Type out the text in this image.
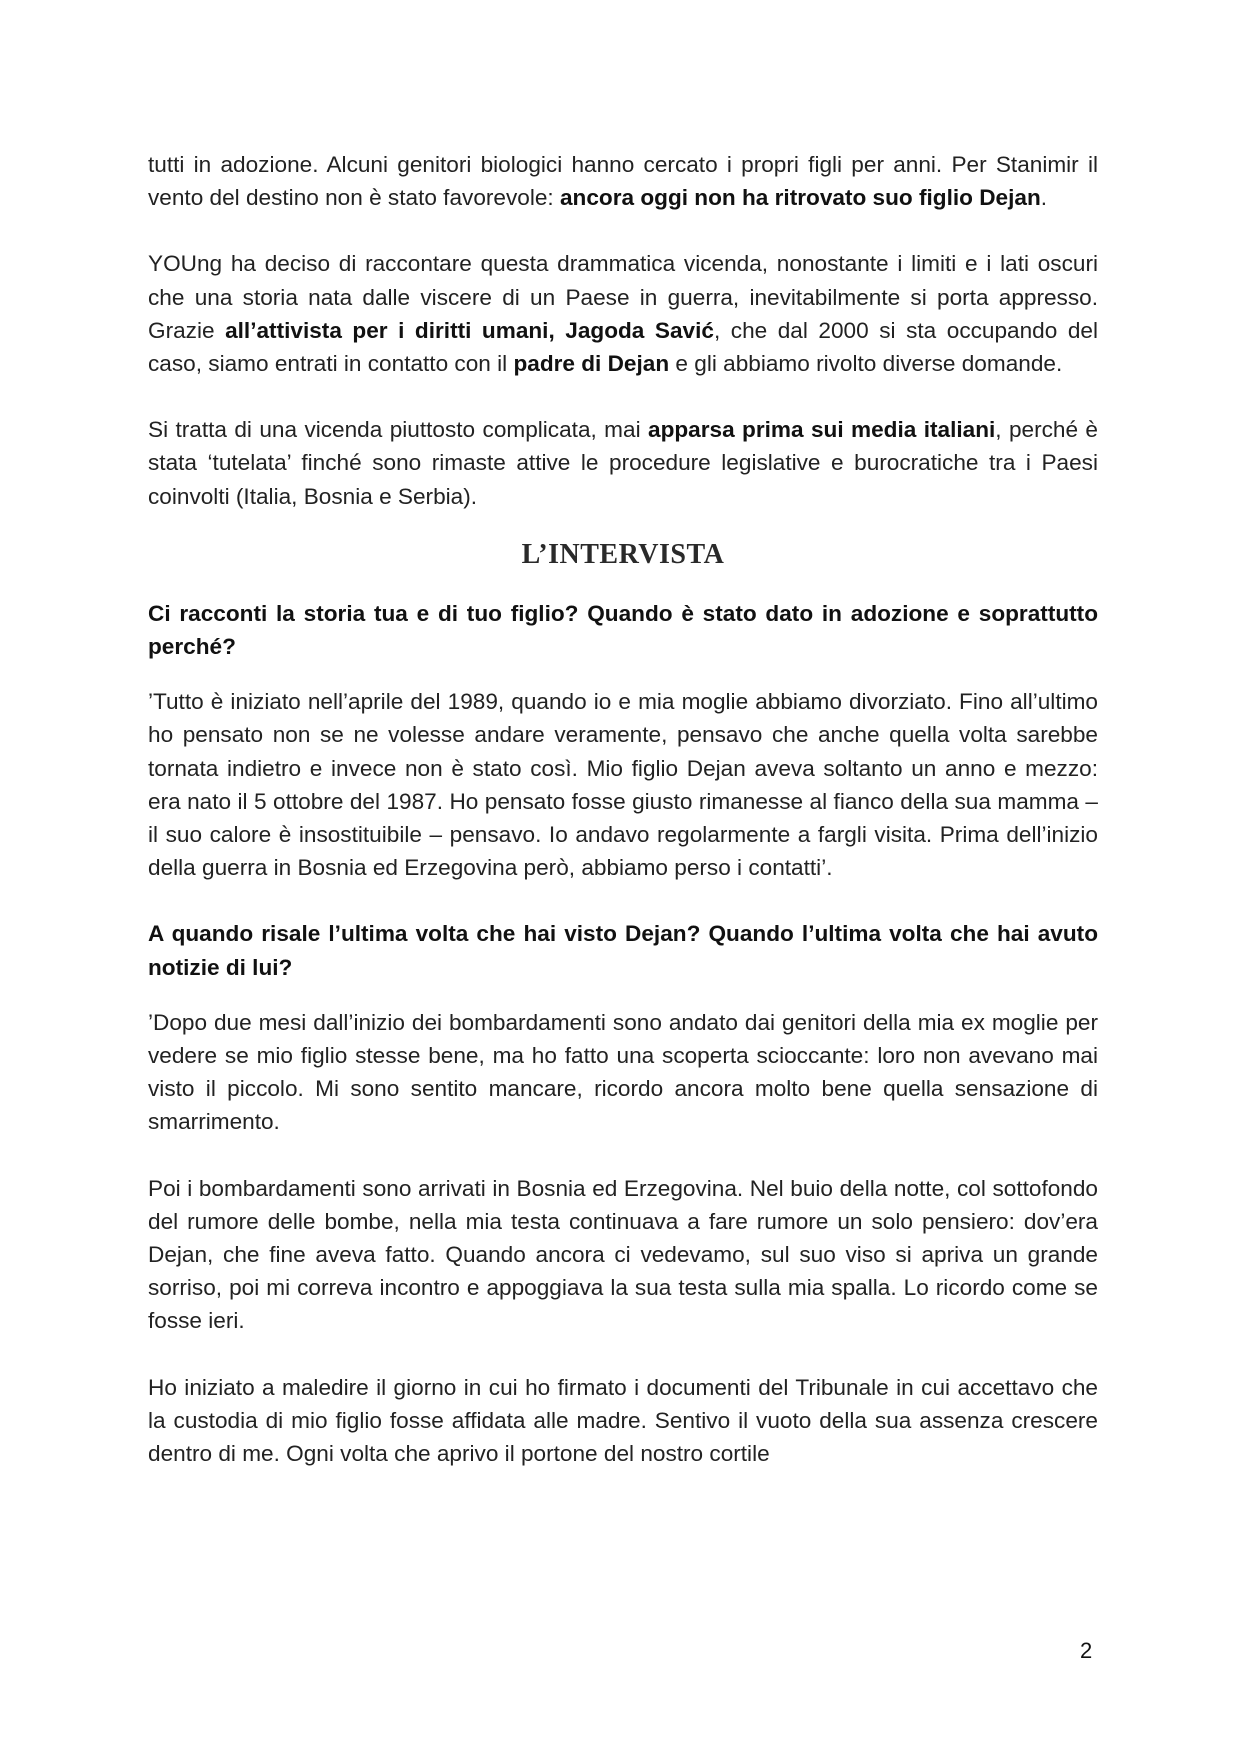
tutti in adozione. Alcuni genitori biologici hanno cercato i propri figli per anni. Per Stanimir il vento del destino non è stato favorevole: ancora oggi non ha ritrovato suo figlio Dejan.

YOUng ha deciso di raccontare questa drammatica vicenda, nonostante i limiti e i lati oscuri che una storia nata dalle viscere di un Paese in guerra, inevitabilmente si porta appresso. Grazie all’attivista per i diritti umani, Jagoda Savić, che dal 2000 si sta occupando del caso, siamo entrati in contatto con il padre di Dejan e gli abbiamo rivolto diverse domande.

Si tratta di una vicenda piuttosto complicata, mai apparsa prima sui media italiani, perché è stata ‘tutelata’ finché sono rimaste attive le procedure legislative e burocratiche tra i Paesi coinvolti (Italia, Bosnia e Serbia).

L’INTERVISTA

Ci racconti la storia tua e di tuo figlio? Quando è stato dato in adozione e soprattutto perché?

’Tutto è iniziato nell’aprile del 1989, quando io e mia moglie abbiamo divorziato. Fino all’ultimo ho pensato non se ne volesse andare veramente, pensavo che anche quella volta sarebbe tornata indietro e invece non è stato così. Mio figlio Dejan aveva soltanto un anno e mezzo: era nato il 5 ottobre del 1987. Ho pensato fosse giusto rimanesse al fianco della sua mamma – il suo calore è insostituibile – pensavo. Io andavo regolarmente a fargli visita. Prima dell’inizio della guerra in Bosnia ed Erzegovina però, abbiamo perso i contatti’.

A quando risale l’ultima volta che hai visto Dejan? Quando l’ultima volta che hai avuto notizie di lui?

’Dopo due mesi dall’inizio dei bombardamenti sono andato dai genitori della mia ex moglie per vedere se mio figlio stesse bene, ma ho fatto una scoperta scioccante: loro non avevano mai visto il piccolo. Mi sono sentito mancare, ricordo ancora molto bene quella sensazione di smarrimento.

Poi i bombardamenti sono arrivati in Bosnia ed Erzegovina. Nel buio della notte, col sottofondo del rumore delle bombe, nella mia testa continuava a fare rumore un solo pensiero: dov’era Dejan, che fine aveva fatto. Quando ancora ci vedevamo, sul suo viso si apriva un grande sorriso, poi mi correva incontro e appoggiava la sua testa sulla mia spalla. Lo ricordo come se fosse ieri.

Ho iniziato a maledire il giorno in cui ho firmato i documenti del Tribunale in cui accettavo che la custodia di mio figlio fosse affidata alle madre. Sentivo il vuoto della sua assenza crescere dentro di me. Ogni volta che aprivo il portone del nostro cortile

2
